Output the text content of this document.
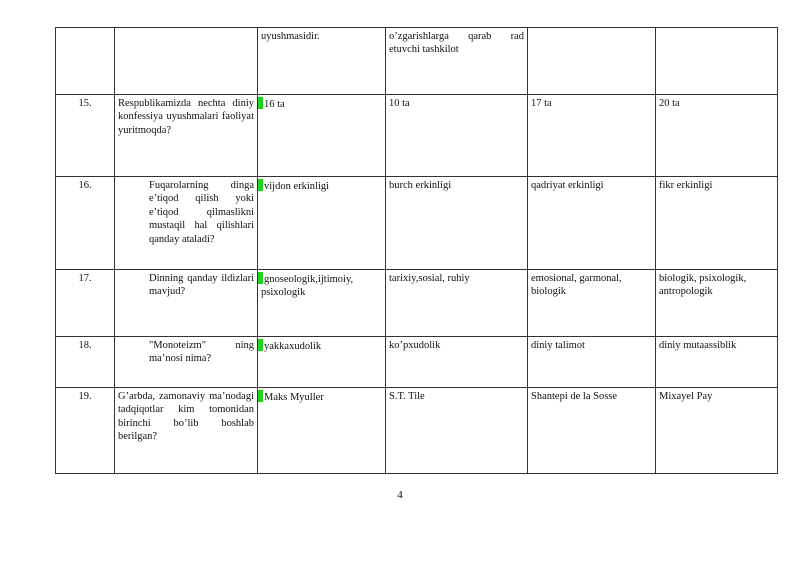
		uyushmasidir.	o’zgarishlarga qarab rad etuvchi tashkilot		
15.	Respublikamizda nechta diniy konfessiya uyushmalari faoliyat yuritmoqda?	16 ta	10 ta	17 ta	20 ta
16.	Fuqarolarning dinga e’tiqod qilish yoki e’tiqod qilmaslikni mustaqil hal qilishlari qanday ataladi?	vijdon erkinligi	burch erkinligi	qadriyat erkinligi	fikr erkinligi
17.	Dinning qanday ildizlari mavjud?	gnoseologik,ijtimoiy, psixologik	tarixiy,sosial, ruhiy	emosional, garmonal, biologik	biologik, psixologik, antropologik
18.	"Monoteizm" ning ma’nosi nima?	yakkaxudolik	ko’pxudolik	diniy talimot	diniy mutaassiblik
19.	G’arbda, zamonaviy ma’nodagi tadqiqotlar kim tomonidan birinchi bo’lib boshlab berilgan?	Maks Myuller	S.T. Tile	Shantepi de la Sosse	Mixayel Pay
4
